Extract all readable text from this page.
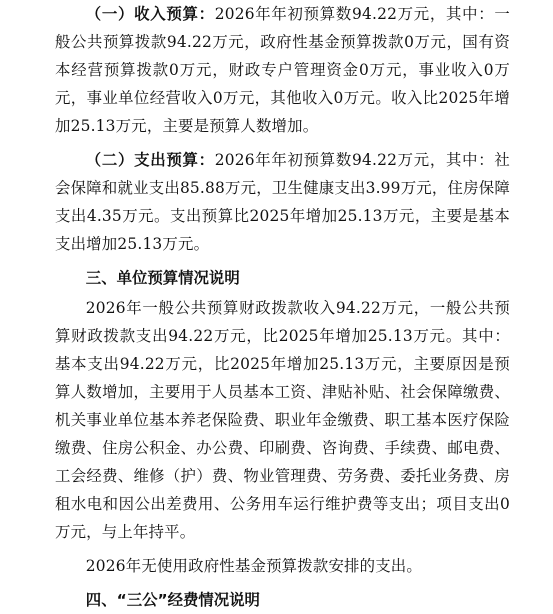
（一）收入预算：2026年年初预算数94.22万元，其中：一般公共预算拨款94.22万元，政府性基金预算拨款0万元，国有资本经营预算拨款0万元，财政专户管理资金0万元，事业收入0万元，事业单位经营收入0万元，其他收入0万元。收入比2025年增加25.13万元，主要是预算人数增加。

（二）支出预算：2026年年初预算数94.22万元，其中：社会保障和就业支出85.88万元，卫生健康支出3.99万元，住房保障支出4.35万元。支出预算比2025年增加25.13万元，主要是基本支出增加25.13万元。

三、单位预算情况说明

2026年一般公共预算财政拨款收入94.22万元，一般公共预算财政拨款支出94.22万元，比2025年增加25.13万元。其中：基本支出94.22万元，比2025年增加25.13万元，主要原因是预算人数增加，主要用于人员基本工资、津贴补贴、社会保障缴费、机关事业单位基本养老保险费、职业年金缴费、职工基本医疗保险缴费、住房公积金、办公费、印刷费、咨询费、手续费、邮电费、工会经费、维修（护）费、物业管理费、劳务费、委托业务费、房租水电和因公出差费用、公务用车运行维护费等支出；项目支出0万元，与上年持平。

2026年无使用政府性基金预算拨款安排的支出。

四、“三公”经费情况说明
